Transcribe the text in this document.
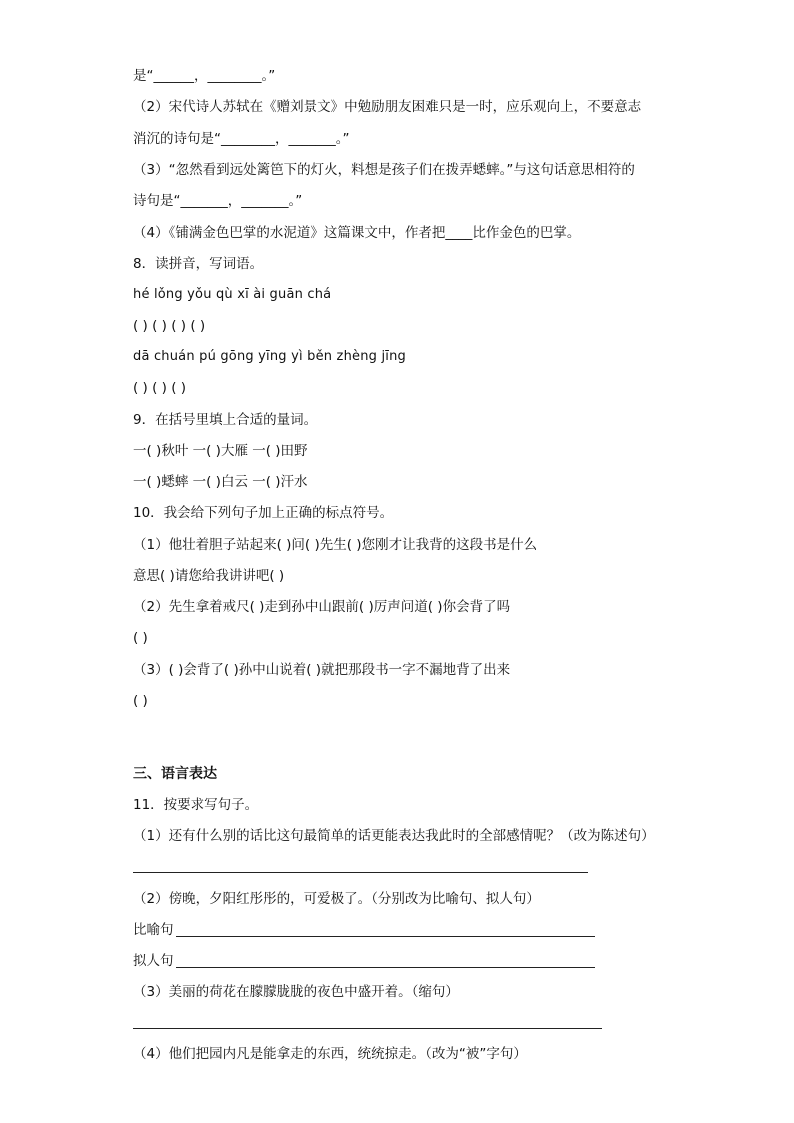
是“______，________。”
（2）宋代诗人苏轼在《赠刘景文》中勉励朋友困难只是一时，应乐观向上，不要意志
消沉的诗句是“________，_______。”
（3）“忽然看到远处篱笆下的灯火，料想是孩子们在拨弄蟋蟀。”与这句话意思相符的
诗句是“_______，_______。”
（4）《铺满金色巴掌的水泥道》这篇课文中，作者把____比作金色的巴掌。
8．读拼音，写词语。
hé lǒng yǒu qù xī ài guān chá
( ) ( ) ( ) ( )
dā chuán pú gōng yīng yì běn zhèng jīng
( ) ( ) ( )
9．在括号里填上合适的量词。
一( )秋叶 一( )大雁 一( )田野
一( )蟋蟀 一( )白云 一( )汗水
10．我会给下列句子加上正确的标点符号。
（1）他壮着胆子站起来( )问( )先生( )您刚才让我背的这段书是什么
意思( )请您给我讲讲吧( )
（2）先生拿着戒尺( )走到孙中山跟前( )厉声问道( )你会背了吗
( )
（3）( )会背了( )孙中山说着( )就把那段书一字不漏地背了出来
( )
三、语言表达
11．按要求写句子。
（1）还有什么别的话比这句最简单的话更能表达我此时的全部感情呢？（改为陈述句）
（2）傍晚，夕阳红彤彤的，可爱极了。（分别改为比喻句、拟人句）
比喻句
拟人句
（3）美丽的荷花在朦朦胧胧的夜色中盛开着。（缩句）
（4）他们把园内凡是能拿走的东西，统统掠走。（改为“被”字句）
